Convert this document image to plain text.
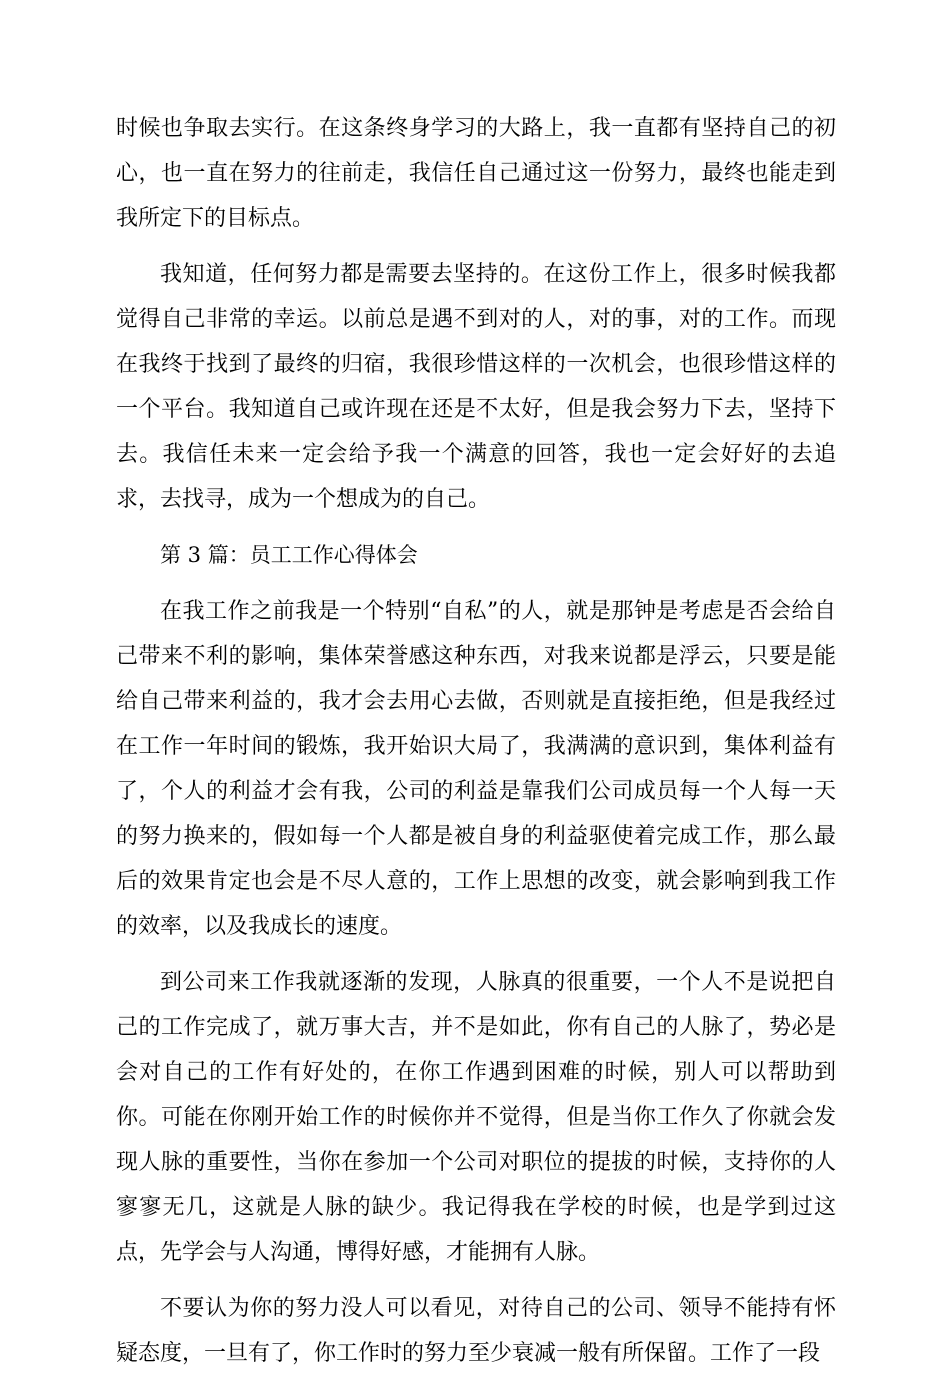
时候也争取去实行。在这条终身学习的大路上，我一直都有坚持自己的初心，也一直在努力的往前走，我信任自己通过这一份努力，最终也能走到我所定下的目标点。

我知道，任何努力都是需要去坚持的。在这份工作上，很多时候我都觉得自己非常的幸运。以前总是遇不到对的人，对的事，对的工作。而现在我终于找到了最终的归宿，我很珍惜这样的一次机会，也很珍惜这样的一个平台。我知道自己或许现在还是不太好，但是我会努力下去，坚持下去。我信任未来一定会给予我一个满意的回答，我也一定会好好的去追求，去找寻，成为一个想成为的自己。

第 3 篇：员工工作心得体会

在我工作之前我是一个特别“自私”的人，就是那钟是考虑是否会给自己带来不利的影响，集体荣誉感这种东西，对我来说都是浮云，只要是能给自己带来利益的，我才会去用心去做，否则就是直接拒绝，但是我经过在工作一年时间的锻炼，我开始识大局了，我满满的意识到，集体利益有了，个人的利益才会有我，公司的利益是靠我们公司成员每一个人每一天的努力换来的，假如每一个人都是被自身的利益驱使着完成工作，那么最后的效果肯定也会是不尽人意的，工作上思想的改变，就会影响到我工作的效率，以及我成长的速度。

到公司来工作我就逐渐的发现，人脉真的很重要，一个人不是说把自己的工作完成了，就万事大吉，并不是如此，你有自己的人脉了，势必是会对自己的工作有好处的，在你工作遇到困难的时候，别人可以帮助到你。可能在你刚开始工作的时候你并不觉得，但是当你工作久了你就会发现人脉的重要性，当你在参加一个公司对职位的提拔的时候，支持你的人寥寥无几，这就是人脉的缺少。我记得我在学校的时候，也是学到过这点，先学会与人沟通，博得好感，才能拥有人脉。

不要认为你的努力没人可以看见，对待自己的公司、领导不能持有怀疑态度，一旦有了，你工作时的努力至少衰减一般有所保留。工作了一段
